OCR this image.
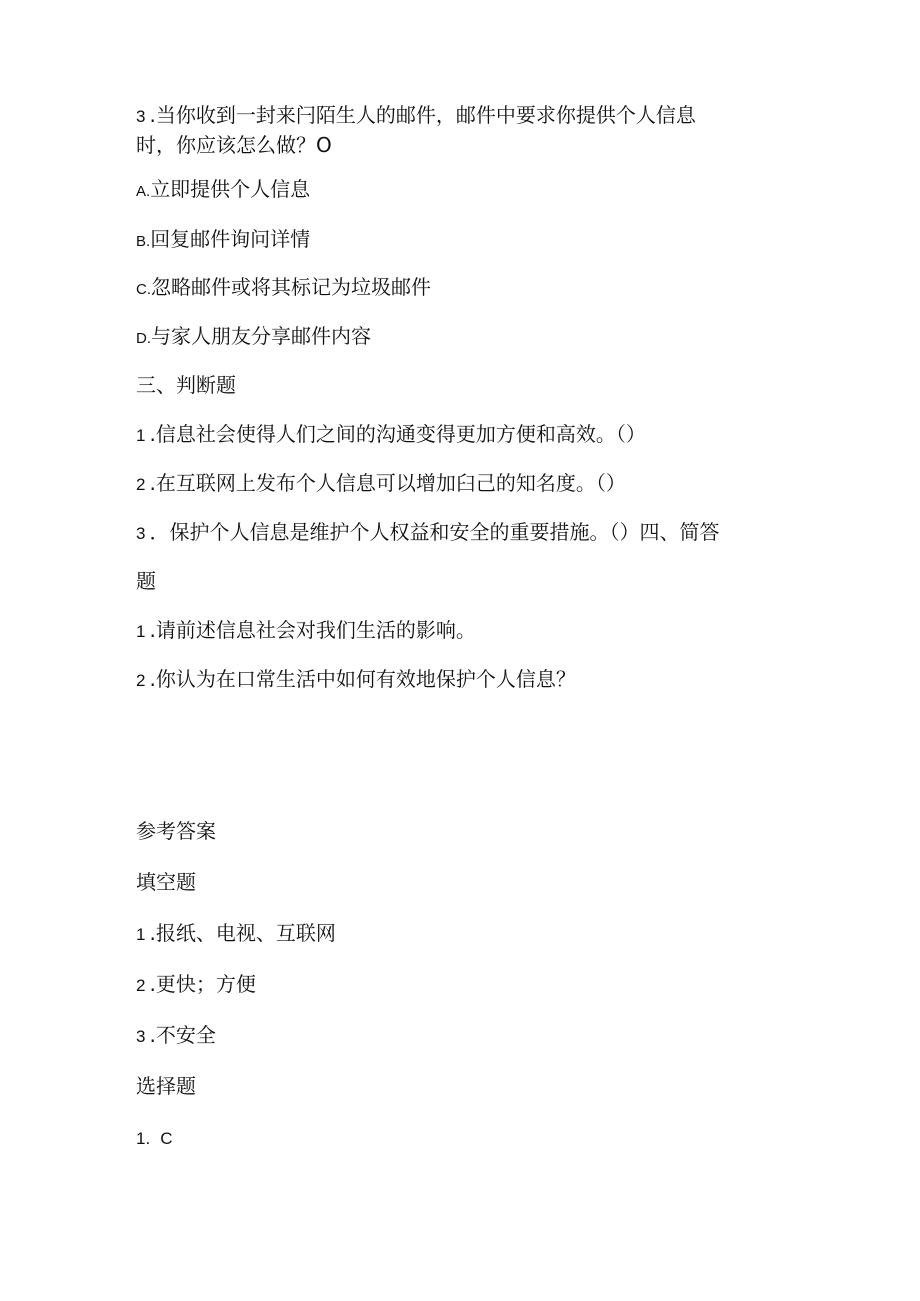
3 .当你收到一封来闩陌生人的邮件，邮件中要求你提供个人信息
时，你应该怎么做？O
A.立即提供个人信息
B.回复邮件询问详情
C.忽略邮件或将其标记为垃圾邮件
D.与家人朋友分享邮件内容
三、判断题
1 .信息社会使得人们之间的沟通变得更加方便和高效。（）
2 .在互联网上发布个人信息可以增加臼己的知名度。（）
3 ．保护个人信息是维护个人权益和安全的重要措施。（）四、简答
题
1 .请前述信息社会对我们生活的影响。
2 .你认为在口常生活中如何有效地保护个人信息？
参考答案
填空题
1 .报纸、电视、互联网
2 .更快；方便
3 .不安全
选择题
1. C
